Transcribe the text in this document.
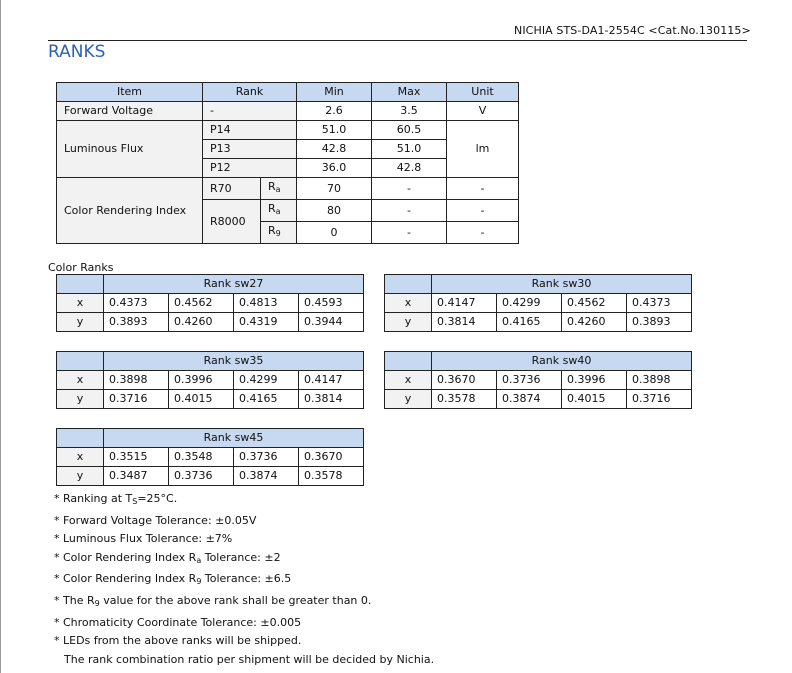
NICHIA STS-DA1-2554C <Cat.No.130115>
RANKS
Item	Rank		Min	Max	Unit
Forward Voltage	-		2.6	3.5	V
Luminous Flux	P14		51.0	60.5	lm
	P13		42.8	51.0	
	P12		36.0	42.8	
Color Rendering Index	R70	$R_a$	70	-	-
	R8000	$R_a$	80	-	-
		$R_9$	0	-	-
Color Ranks
	Rank sw27			
x	0.4373	0.4562	0.4813	0.4593
y	0.3893	0.4260	0.4319	0.3944
	Rank sw30			
x	0.4147	0.4299	0.4562	0.4373
y	0.3814	0.4165	0.4260	0.3893
	Rank sw35			
x	0.3898	0.3996	0.4299	0.4147
y	0.3716	0.4015	0.4165	0.3814
	Rank sw40			
x	0.3670	0.3736	0.3996	0.3898
y	0.3578	0.3874	0.4015	0.3716
	Rank sw45			
x	0.3515	0.3548	0.3736	0.3670
y	0.3487	0.3736	0.3874	0.3578
* Ranking at $T_S=25^\circ C$.
* Forward Voltage Tolerance: ±0.05V
* Luminous Flux Tolerance: ±7%
* Color Rendering Index $R_a$ Tolerance: ±2
* Color Rendering Index $R_9$ Tolerance: ±6.5
* The $R_9$ value for the above rank shall be greater than 0.
* Chromaticity Coordinate Tolerance: ±0.005
* LEDs from the above ranks will be shipped.
The rank combination ratio per shipment will be decided by Nichia.
